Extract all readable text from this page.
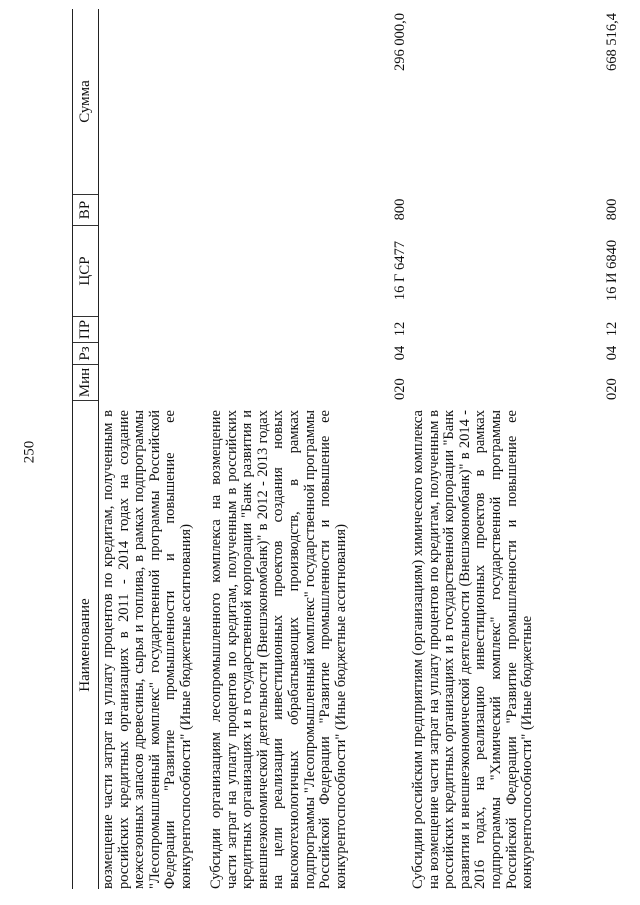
250
Наименование
Мин
Рз
ПР
ЦСР
ВР
Сумма
возмещение части затрат на уплату процентов по кредитам, полученным в российских кредитных организациях в 2011 - 2014 годах на создание межсезонных запасов древесины, сырья и топлива, в рамках подпрограммы "Лесопромышленный комплекс" государственной программы Российской Федерации "Развитие промышленности и повышение ее конкурентоспособности" (Иные бюджетные ассигнования) Субсидии организациям лесопромышленного комплекса на возмещение части затрат на уплату процентов по кредитам, полученным в российских кредитных организациях и в государственной корпорации "Банк развития и внешнеэкономической деятельности (Внешэкономбанк)" в 2012 - 2013 годах на цели реализации инвестиционных проектов создания новых высокотехнологичных обрабатывающих производств, в рамках подпрограммы "Лесопромышленный комплекс" государственной программы Российской Федерации "Развитие промышленности и повышение ее конкурентоспособности" (Иные бюджетные ассигнования)
020
04
12
16 Г 6477
800
296 000,0
Субсидии российским предприятиям (организациям) химического комплекса на возмещение части затрат на уплату процентов по кредитам, полученным в российских кредитных организациях и в государственной корпорации "Банк развития и внешнеэкономической деятельности (Внешэкономбанк)" в 2014 - 2016 годах, на реализацию инвестиционных проектов в рамках подпрограммы "Химический комплекс" государственной программы Российской Федерации "Развитие промышленности и повышение ее конкурентоспособности" (Иные бюджетные
020
04
12
16 И 6840
800
668 516,4
